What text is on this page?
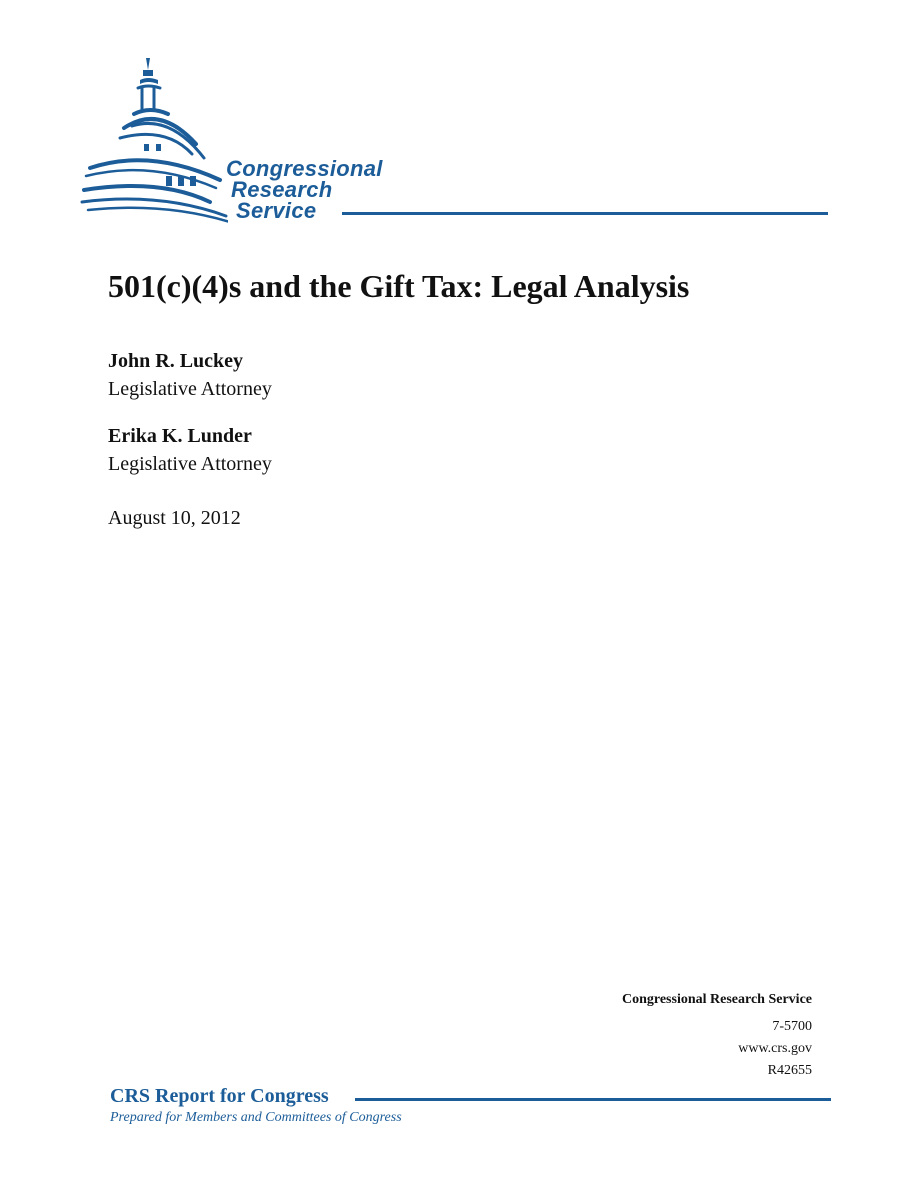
Congressional
Research
Service
501(c)(4)s and the Gift Tax: Legal Analysis
John R. Luckey
Legislative Attorney
Erika K. Lunder
Legislative Attorney
August 10, 2012
Congressional Research Service
7-5700
www.crs.gov
R42655
CRS Report for Congress
Prepared for Members and Committees of Congress
